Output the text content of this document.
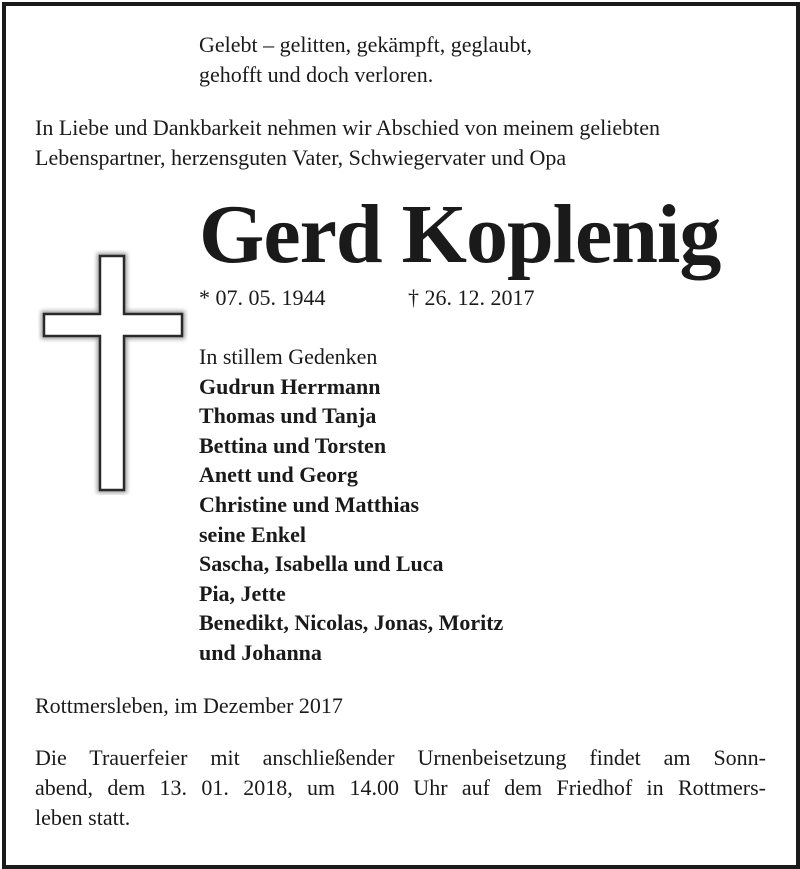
Gelebt – gelitten, gekämpft, geglaubt,
gehofft und doch verloren.
In Liebe und Dankbarkeit nehmen wir Abschied von meinem geliebten
Lebenspartner, herzensguten Vater, Schwiegervater und Opa
Gerd Koplenig
* 07. 05. 1944	† 26. 12. 2017
In stillem Gedenken
Gudrun Herrmann
Thomas und Tanja
Bettina und Torsten
Anett und Georg
Christine und Matthias
seine Enkel
Sascha, Isabella und Luca
Pia, Jette
Benedikt, Nicolas, Jonas, Moritz
und Johanna
Rottmersleben, im Dezember 2017
Die Trauerfeier mit anschließender Urnenbeisetzung findet am Sonn-
abend, dem 13. 01. 2018, um 14.00 Uhr auf dem Friedhof in Rottmers-
leben statt.
